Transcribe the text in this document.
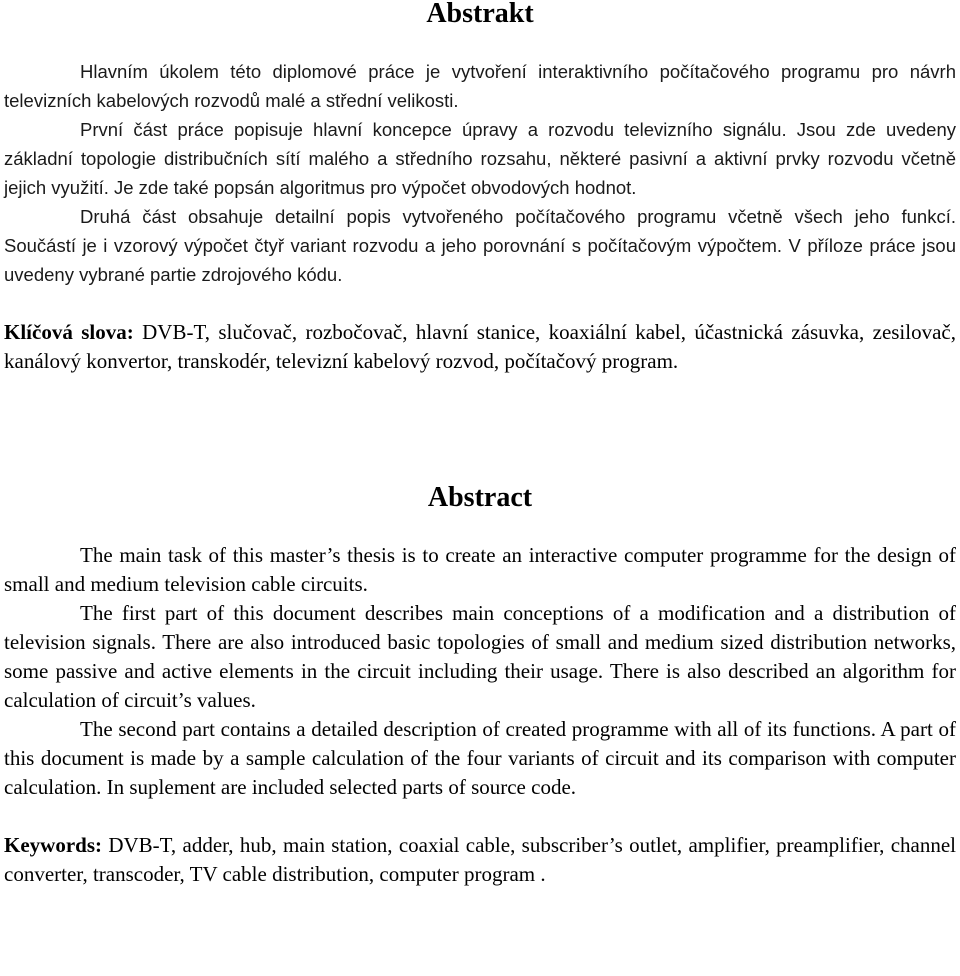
Abstrakt

Hlavním úkolem této diplomové práce je vytvoření interaktivního počítačového programu pro návrh televizních kabelových rozvodů malé a střední velikosti.

První část práce popisuje hlavní koncepce úpravy a rozvodu televizního signálu. Jsou zde uvedeny základní topologie distribučních sítí malého a středního rozsahu, některé pasivní a aktivní prvky rozvodu včetně jejich využití. Je zde také popsán algoritmus pro výpočet obvodových hodnot.

Druhá část obsahuje detailní popis vytvořeného počítačového programu včetně všech jeho funkcí. Součástí je i vzorový výpočet čtyř variant rozvodu a jeho porovnání s počítačovým výpočtem. V příloze práce jsou uvedeny vybrané partie zdrojového kódu.

Klíčová slova: DVB-T, slučovač, rozbočovač, hlavní stanice, koaxiální kabel, účastnická zásuvka, zesilovač, kanálový konvertor, transkodér, televizní kabelový rozvod, počítačový program.

Abstract

The main task of this master’s thesis is to create an interactive computer programme for the design of small and medium television cable circuits.

The first part of this document describes main conceptions of a modification and a distribution of television signals. There are also introduced basic topologies of small and medium sized distribution networks, some passive and active elements in the circuit including their usage. There is also described an algorithm for calculation of circuit’s values.

The second part contains a detailed description of created programme with all of its functions. A part of this document is made by a sample calculation of the four variants of circuit and its comparison with computer calculation. In suplement are included selected parts of source code.

Keywords: DVB-T, adder, hub, main station, coaxial cable, subscriber’s outlet, amplifier, preamplifier, channel converter, transcoder, TV cable distribution, computer program .
